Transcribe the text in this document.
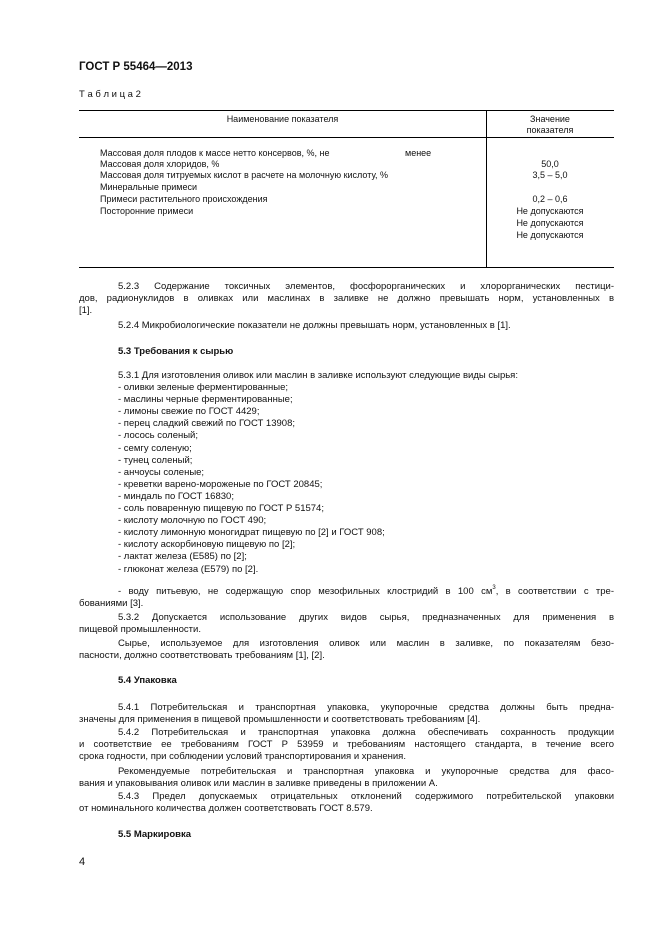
ГОСТ Р 55464—2013
Т а б л и ц а 2
Наименование показателя	Значение
показателя
Массовая доля плодов к массе нетто консервов, %, не	менее
Массовая доля хлоридов, %
Массовая доля титруемых кислот в расчете на молочную кислоту, %
Минеральные примеси
Примеси растительного происхождения
Посторонние примеси
50,0
3,5 – 5,0
0,2 – 0,6
Не допускаются
Не допускаются
Не допускаются
5.2.3 Содержание токсичных элементов, фосфорорганических и хлорорганических пестици-
дов, радионуклидов в оливках или маслинах в заливке не должно превышать норм, установленных в
[1].
5.2.4 Микробиологические показатели не должны превышать норм, установленных в [1].
5.3 Требования к сырью
5.3.1 Для изготовления оливок или маслин в заливке используют следующие виды сырья:
- оливки зеленые ферментированные;
- маслины черные ферментированные;
- лимоны свежие по ГОСТ 4429;
- перец сладкий свежий по ГОСТ 13908;
- лосось соленый;
- семгу соленую;
- тунец соленый;
- анчоусы соленые;
- креветки варено-мороженые по ГОСТ 20845;
- миндаль по ГОСТ 16830;
- соль поваренную пищевую по ГОСТ Р 51574;
- кислоту молочную по ГОСТ 490;
- кислоту лимонную моногидрат пищевую по [2] и ГОСТ 908;
- кислоту аскорбиновую пищевую по [2];
- лактат железа (Е585) по [2];
- глюконат железа (Е579) по [2].
- воду питьевую, не содержащую спор мезофильных клостридий в 100 $см^3$, в соответствии с тре-
бованиями [3].
5.3.2 Допускается использование других видов сырья, предназначенных для применения в
пищевой промышленности.
Сырье, используемое для изготовления оливок или маслин в заливке, по показателям безо-
пасности, должно соответствовать требованиям [1], [2].
5.4 Упаковка
5.4.1 Потребительская и транспортная упаковка, укупорочные средства должны быть предна-
значены для применения в пищевой промышленности и соответствовать требованиям [4].
5.4.2 Потребительская и транспортная упаковка должна обеспечивать сохранность продукции
и соответствие ее требованиям ГОСТ Р 53959 и требованиям настоящего стандарта, в течение всего
срока годности, при соблюдении условий транспортирования и хранения.
Рекомендуемые потребительская и транспортная упаковка и укупорочные средства для фасо-
вания и упаковывания оливок или маслин в заливке приведены в приложении А.
5.4.3 Предел допускаемых отрицательных отклонений содержимого потребительской упаковки
от номинального количества должен соответствовать ГОСТ 8.579.
5.5 Маркировка
4
